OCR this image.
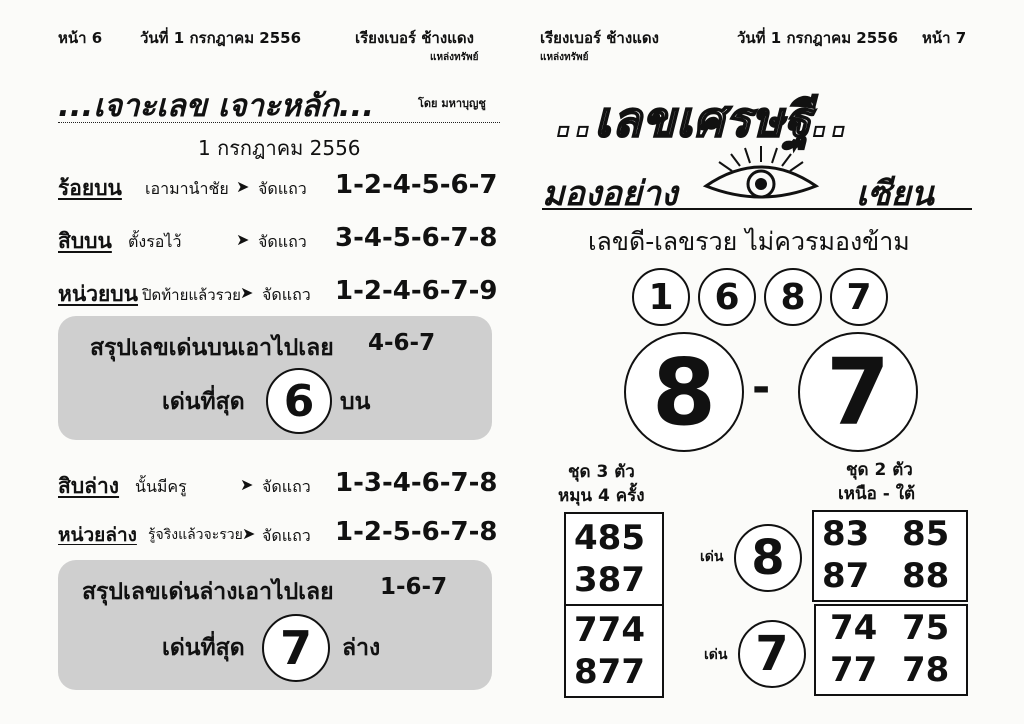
หน้า 6	วันที่ 1 กรกฎาคม 2556	เรียงเบอร์ ช้างแดง
แหล่งทรัพย์
...เจาะเลข เจาะหลัก...	โดย มหาบุญชู
1 กรกฎาคม 2556
ร้อยบน เอามานำชัย ➤ จัดแถว 1-2-4-5-6-7
สิบบน ตั้งรอไว้	➤ จัดแถว 3-4-5-6-7-8
หน่วยบน ปิดท้ายแล้วรวย ➤ จัดแถว 1-2-4-6-7-9
สรุปเลขเด่นบนเอาไปเลย 4-6-7
เด่นที่สุด 6	บน
สิบล่าง นั้นมีครู	➤ จัดแถว 1-3-4-6-7-8
หน่วยล่าง รู้จริงแล้วจะรวย ➤ จัดแถว 1-2-5-6-7-8
สรุปเลขเด่นล่างเอาไปเลย 1-6-7
เด่นที่สุด 7	ล่าง
เรียงเบอร์ ช้างแดง
แหล่งทรัพย์
วันที่ 1 กรกฎาคม 2556 หน้า 7
..เลขเศรษฐี..
มองอย่าง	เซียน
เลขดี-เลขรวย ไม่ควรมองข้าม
1	6	8	7
8 - 7
ชุด 3 ตัว
หมุน 4 ครั้ง
ชุด 2 ตัว
เหนือ - ใต้
485
387
774
877
เด่น 8	83 85
87 88
เด่น 7	74 75
77 78
